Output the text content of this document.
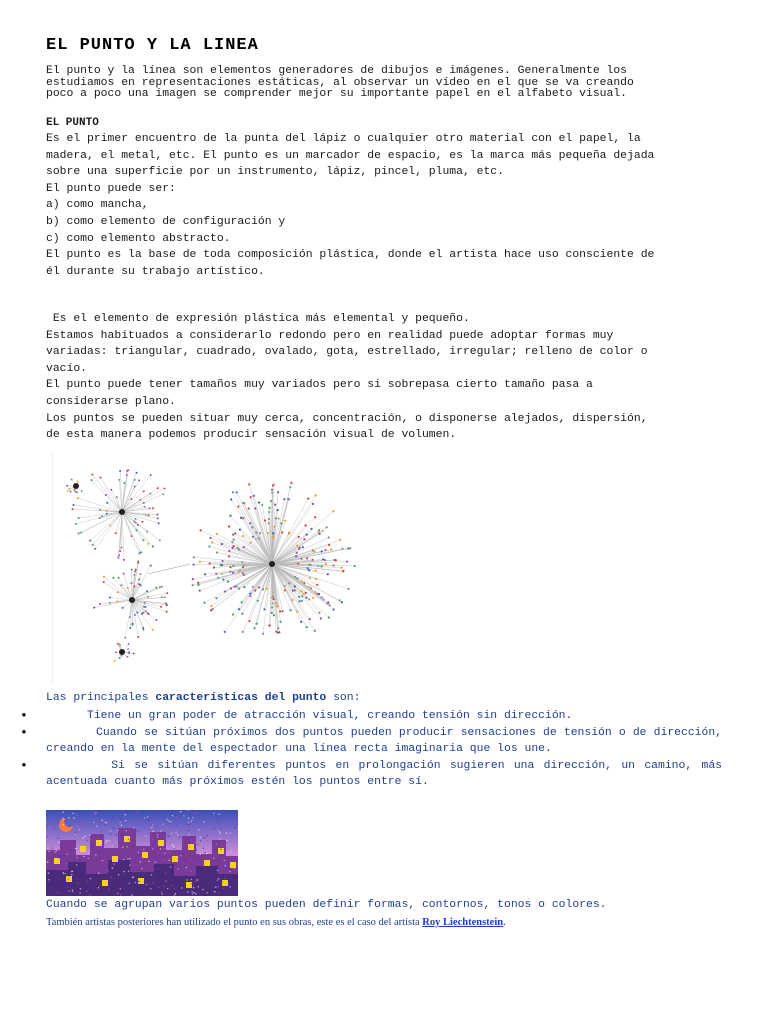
EL PUNTO Y LA LINEA
El punto y la línea son elementos generadores de dibujos e imágenes. Generalmente los
estudiamos en representaciones estáticas, al observar un vídeo en el que se va creando
poco a poco una imagen se comprender mejor su importante papel en el alfabeto visual.
EL PUNTO
Es el primer encuentro de la punta del lápiz o cualquier otro material con el papel, la
madera, el metal, etc. El punto es un marcador de espacio, es la marca más pequeña dejada
sobre una superficie por un instrumento, lápiz, pincel, pluma, etc.
El punto puede ser:
a) como mancha,
b) como elemento de configuración y
c) como elemento abstracto.
El punto es la base de toda composición plástica, donde el artista hace uso consciente de
él durante su trabajo artístico.
Es el elemento de expresión plástica más elemental y pequeño.
Estamos habituados a considerarlo redondo pero en realidad puede adoptar formas muy
variadas: triangular, cuadrado, ovalado, gota, estrellado, irregular; relleno de color o
vacío.
El punto puede tener tamaños muy variados pero si sobrepasa cierto tamaño pasa a
considerarse plano.
Los puntos se pueden situar muy cerca, concentración, o disponerse alejados, dispersión,
de esta manera podemos producir sensación visual de volumen.
Las principales características del punto son:
•       Tiene un gran poder de atracción visual, creando tensión sin dirección.
•        Cuando se sitúan próximos dos puntos pueden producir sensaciones de tensión o de dirección, creando en la mente del espectador una línea recta imaginaria que los une.
•        Si se sitúan diferentes puntos en prolongación sugieren una dirección, un camino, más acentuada cuanto más próximos estén los puntos entre sí.
Cuando se agrupan varios puntos pueden definir formas, contornos, tonos o colores.
También artistas posteriores han utilizado el punto en sus obras, este es el caso del artista Roy Liechtenstein.
